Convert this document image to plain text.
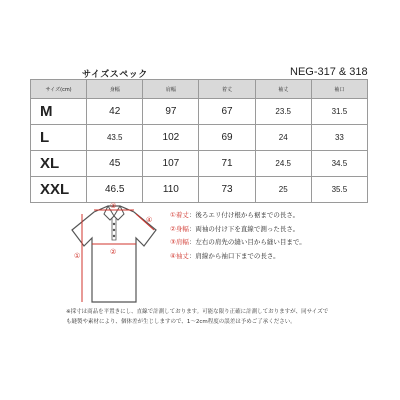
サイズスペック	NEG-317 & 318
サイズ(cm)	身幅	肩幅	着丈	袖丈	袖口
M	42	97	67	23.5	31.5
L	43.5	102	69	24	33
XL	45	107	71	24.5	34.5
XXL	46.5	110	73	25	35.5
①	②
③
④
①着丈：後ろエリ付け根から裾までの長さ。
②身幅：両袖の付け下を直線で測った長さ。
③肩幅：左右の肩先の縫い目から縫い目まで。
④袖丈：肩線から袖口下までの長さ。
※採寸は商品を平置きにし、直線で計測しております。可能な限り正確に計測しておりますが、同サイズで
も縫製や素材により、個体差が生じしますので、1〜2cm程度の誤差は予めご了承ください。
